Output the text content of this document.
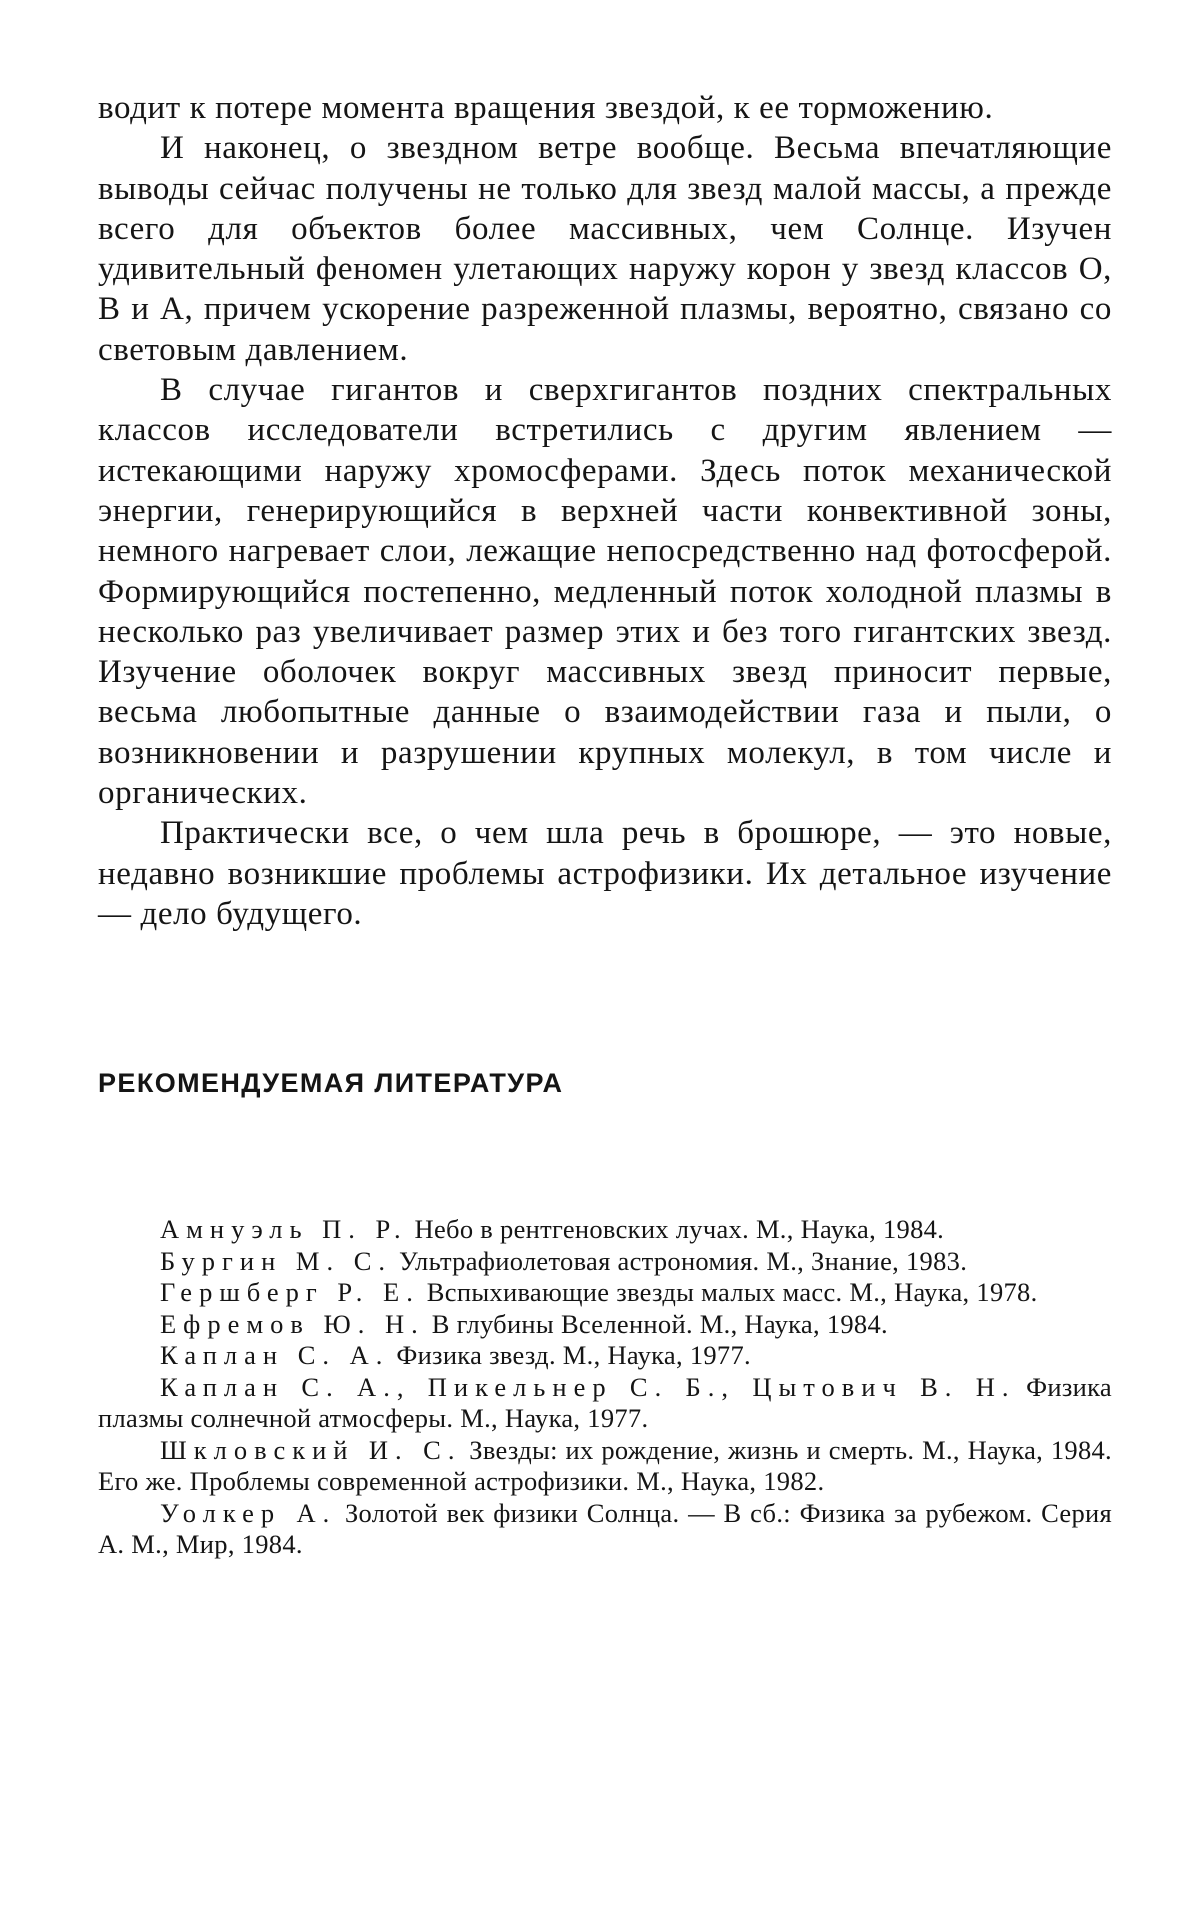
водит к потере момента вращения звездой, к ее торможению.

И наконец, о звездном ветре вообще. Весьма впечатляющие выводы сейчас получены не только для звезд малой массы, а прежде всего для объектов более массивных, чем Солнце. Изучен удивительный феномен улетающих наружу корон у звезд классов О, В и А, причем ускорение разреженной плазмы, вероятно, связано со световым давлением.

В случае гигантов и сверхгигантов поздних спектральных классов исследователи встретились с другим явлением — истекающими наружу хромосферами. Здесь поток механической энергии, генерирующийся в верхней части конвективной зоны, немного нагревает слои, лежащие непосредственно над фотосферой. Формирующийся постепенно, медленный поток холодной плазмы в несколько раз увеличивает размер этих и без того гигантских звезд. Изучение оболочек вокруг массивных звезд приносит первые, весьма любопытные данные о взаимодействии газа и пыли, о возникновении и разрушении крупных молекул, в том числе и органических.

Практически все, о чем шла речь в брошюре, — это новые, недавно возникшие проблемы астрофизики. Их детальное изучение — дело будущего.

РЕКОМЕНДУЕМАЯ ЛИТЕРАТУРА

Амнуэль П. Р. Небо в рентгеновских лучах. М., Наука, 1984.

Бургин М. С. Ультрафиолетовая астрономия. М., Знание, 1983.

Гершберг Р. Е. Вспыхивающие звезды малых масс. М., Наука, 1978.

Ефремов Ю. Н. В глубины Вселенной. М., Наука, 1984.

Каплан С. А. Физика звезд. М., Наука, 1977.

Каплан С. А., Пикельнер С. Б., Цытович В. Н. Физика плазмы солнечной атмосферы. М., Наука, 1977.

Шкловский И. С. Звезды: их рождение, жизнь и смерть. М., Наука, 1984. Его же. Проблемы современной астрофизики. М., Наука, 1982.

Уолкер А. Золотой век физики Солнца. — В сб.: Физика за рубежом. Серия А. М., Мир, 1984.
